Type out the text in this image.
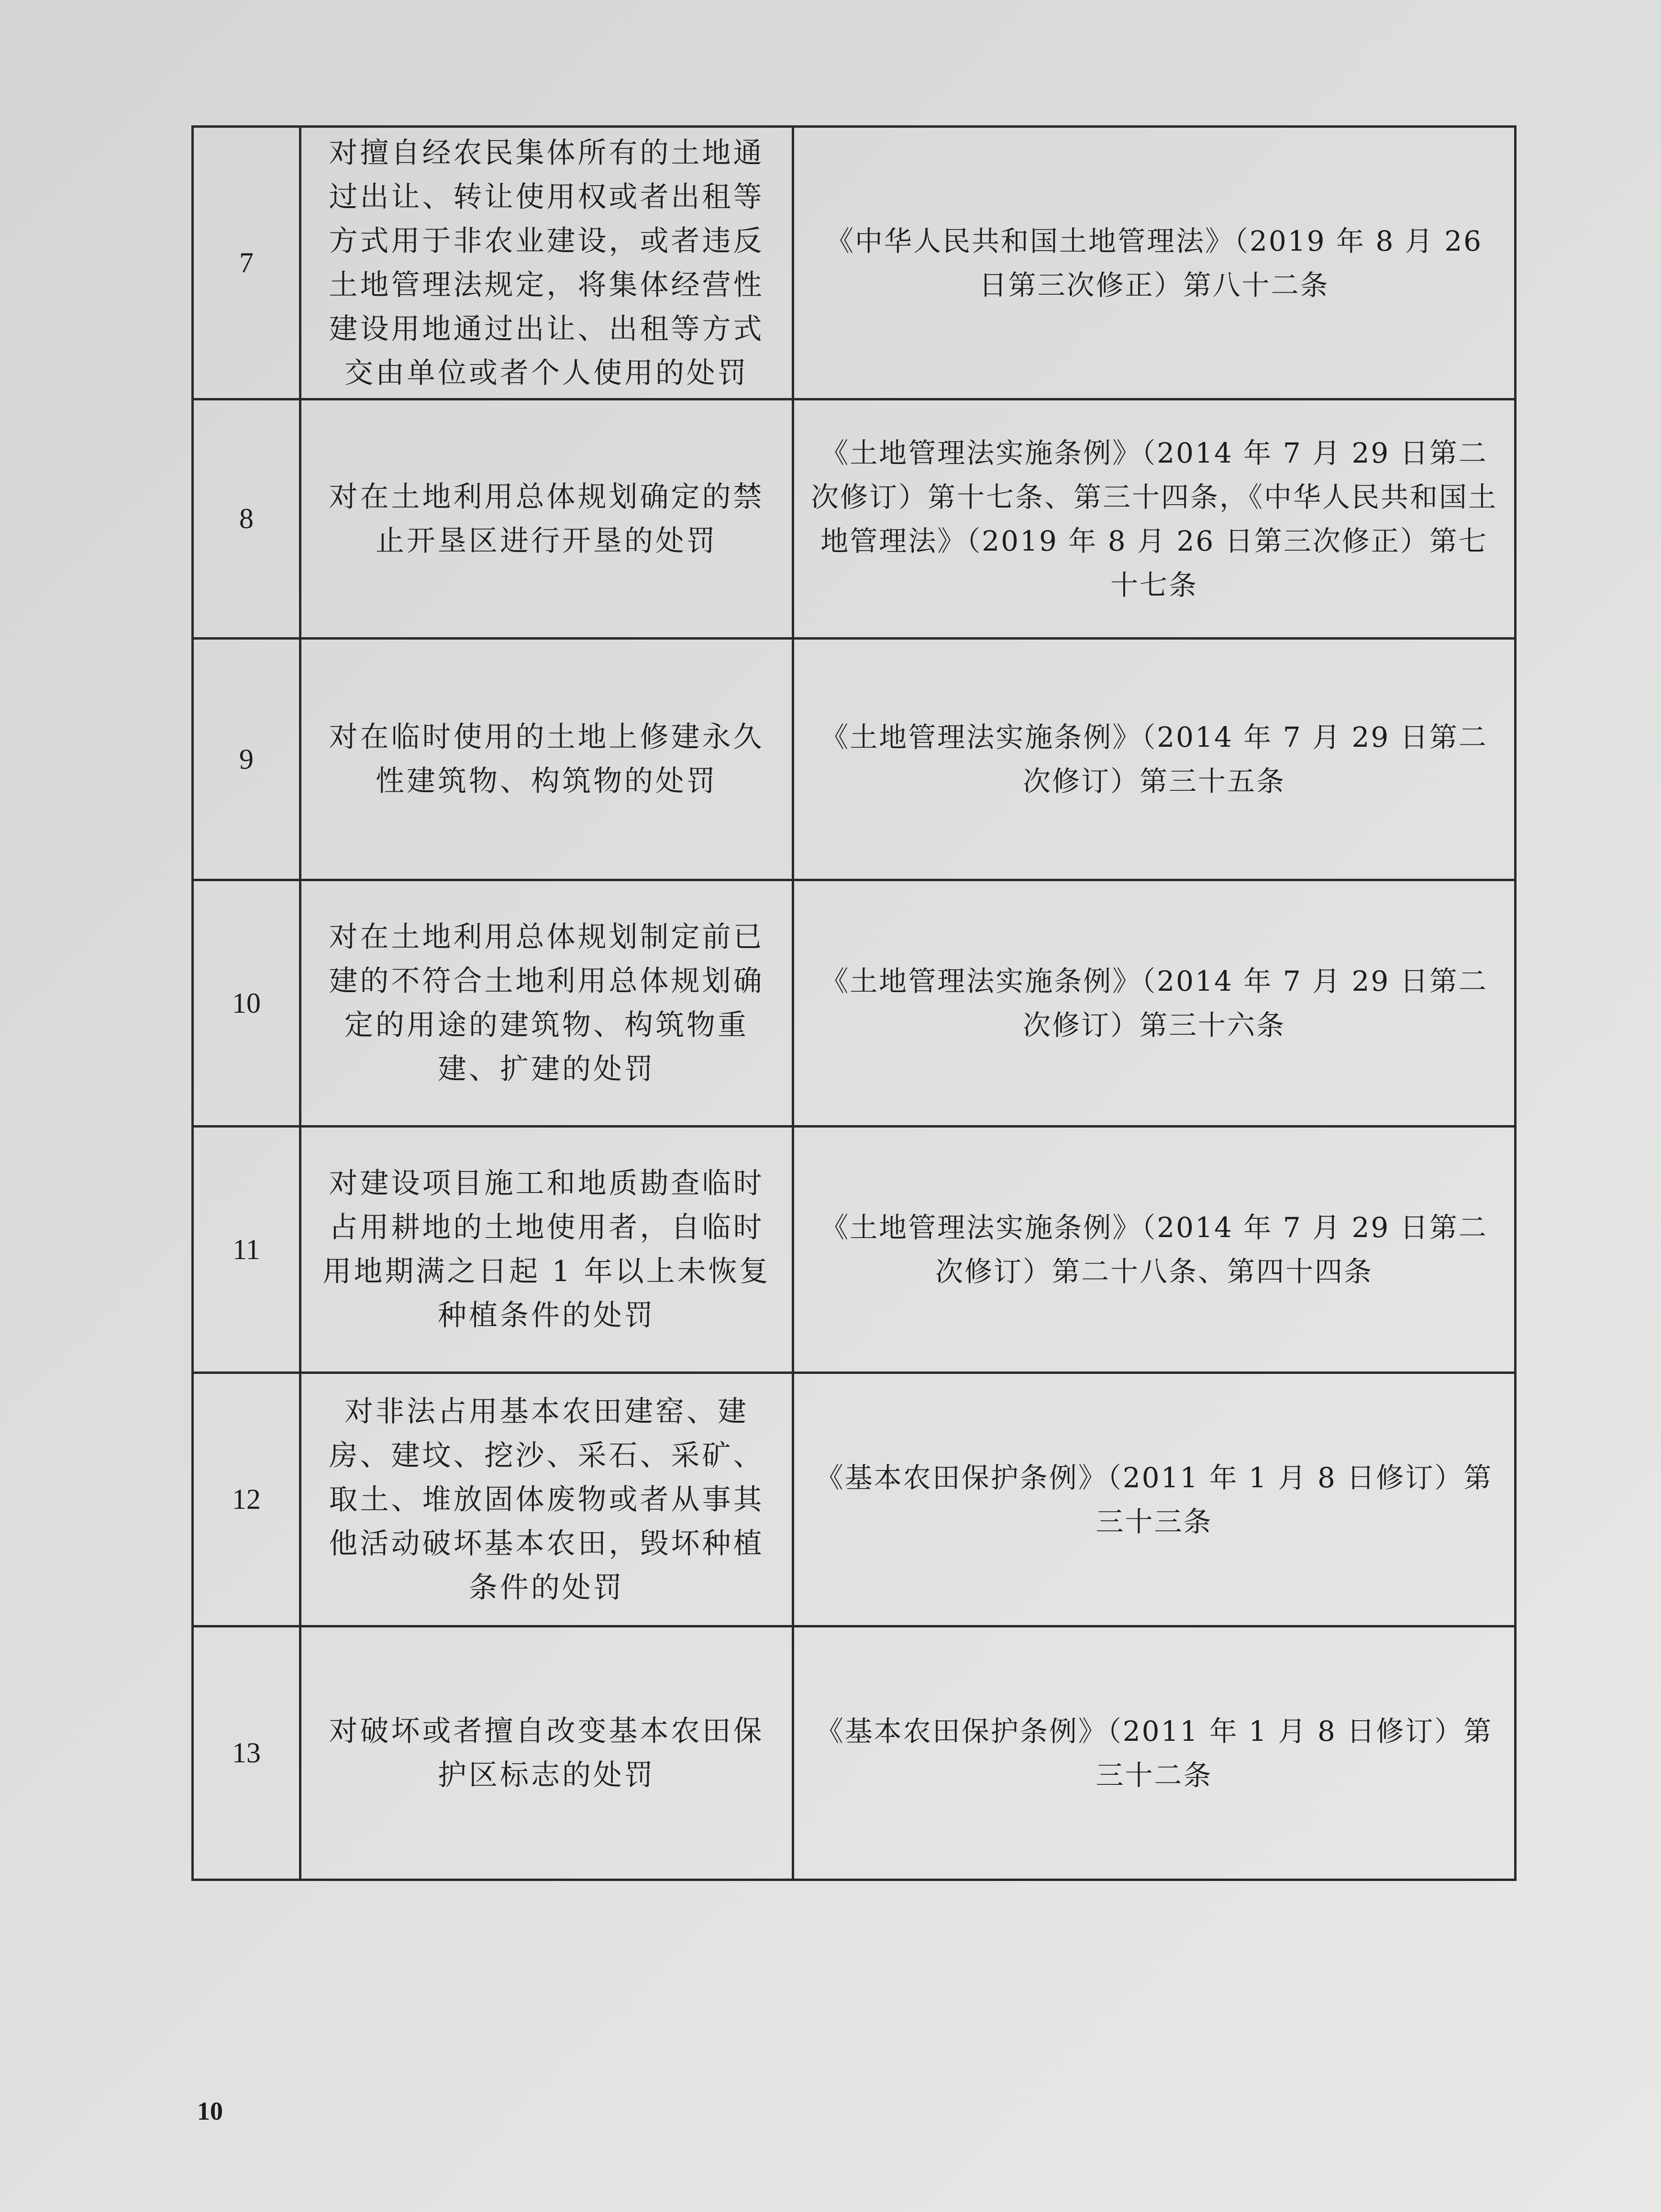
7	对擅自经农民集体所有的土地通过出让、转让使用权或者出租等方式用于非农业建设，或者违反土地管理法规定，将集体经营性建设用地通过出让、出租等方式交由单位或者个人使用的处罚	《中华人民共和国土地管理法》（2019 年 8 月 26 日第三次修正）第八十二条
8	对在土地利用总体规划确定的禁止开垦区进行开垦的处罚	《土地管理法实施条例》（2014 年 7 月 29 日第二次修订）第十七条、第三十四条，《中华人民共和国土地管理法》（2019 年 8 月 26 日第三次修正）第七十七条
9	对在临时使用的土地上修建永久性建筑物、构筑物的处罚	《土地管理法实施条例》（2014 年 7 月 29 日第二次修订）第三十五条
10	对在土地利用总体规划制定前已建的不符合土地利用总体规划确定的用途的建筑物、构筑物重建、扩建的处罚	《土地管理法实施条例》（2014 年 7 月 29 日第二次修订）第三十六条
11	对建设项目施工和地质勘查临时占用耕地的土地使用者，自临时用地期满之日起 1 年以上未恢复种植条件的处罚	《土地管理法实施条例》（2014 年 7 月 29 日第二次修订）第二十八条、第四十四条
12	对非法占用基本农田建窑、建房、建坟、挖沙、采石、采矿、取土、堆放固体废物或者从事其他活动破坏基本农田，毁坏种植条件的处罚	《基本农田保护条例》（2011 年 1 月 8 日修订）第三十三条
13	对破坏或者擅自改变基本农田保护区标志的处罚	《基本农田保护条例》（2011 年 1 月 8 日修订）第三十二条
10
